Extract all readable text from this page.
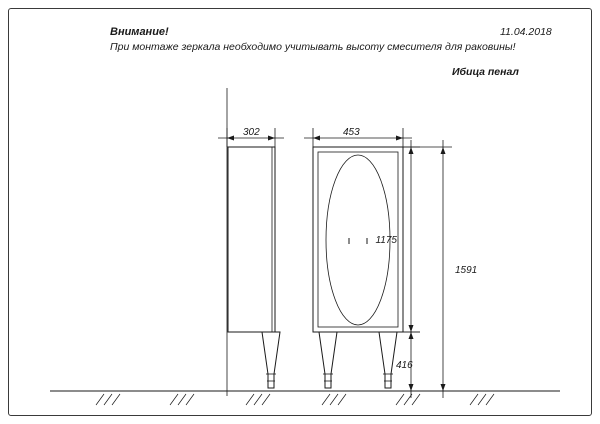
Внимание!
При монтаже зеркала необходимо учитывать высоту смесителя для раковины!
11.04.2018
Ибица пенал
302	453
1175
1591
416
